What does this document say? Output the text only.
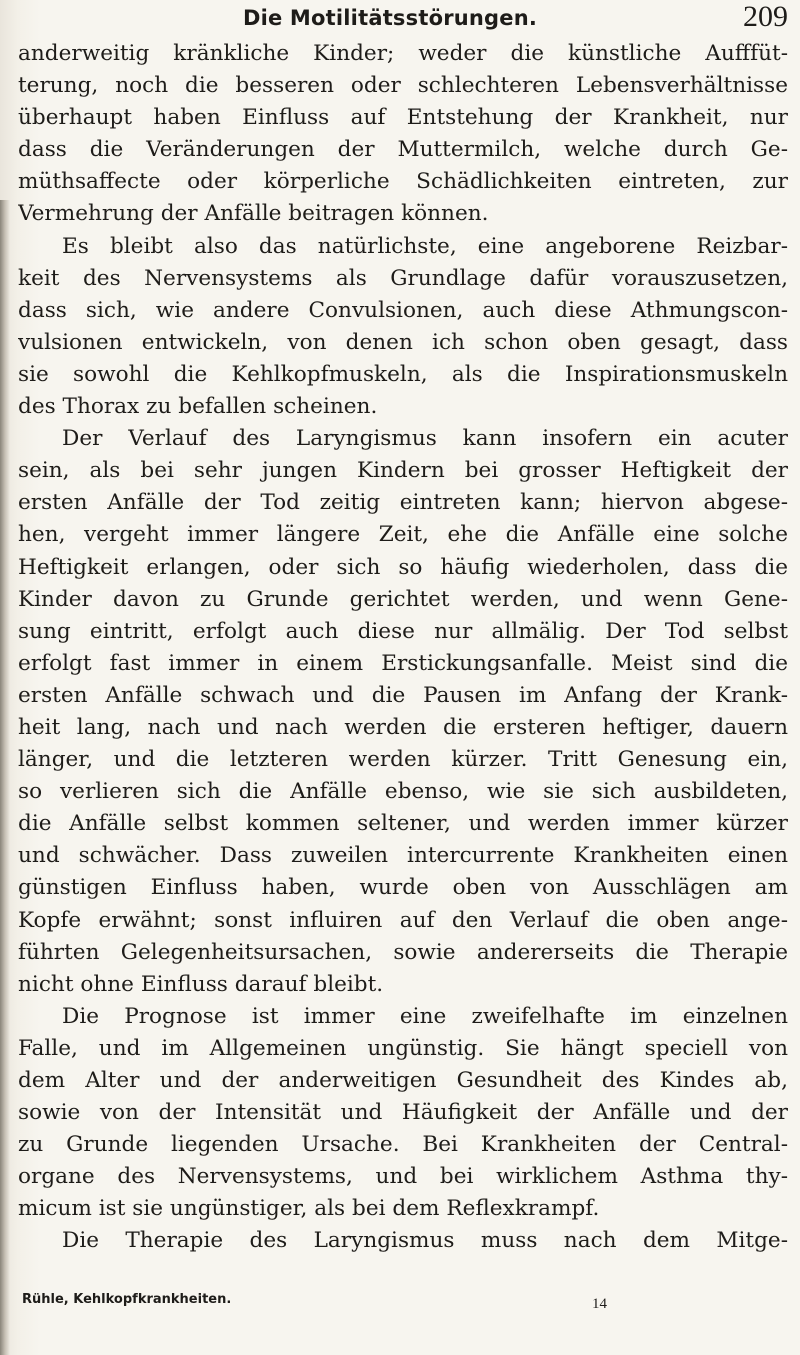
Die Motilitätsstörungen.	209
anderweitig kränkliche Kinder; weder die künstliche Aufffüt-
terung, noch die besseren oder schlechteren Lebensverhältnisse
überhaupt haben Einfluss auf Entstehung der Krankheit, nur
dass die Veränderungen der Muttermilch, welche durch Ge-
müthsaffecte oder körperliche Schädlichkeiten eintreten, zur
Vermehrung der Anfälle beitragen können.
Es bleibt also das natürlichste, eine angeborene Reizbar-
keit des Nervensystems als Grundlage dafür vorauszusetzen,
dass sich, wie andere Convulsionen, auch diese Athmungscon-
vulsionen entwickeln, von denen ich schon oben gesagt, dass
sie sowohl die Kehlkopfmuskeln, als die Inspirationsmuskeln
des Thorax zu befallen scheinen.
Der Verlauf des Laryngismus kann insofern ein acuter
sein, als bei sehr jungen Kindern bei grosser Heftigkeit der
ersten Anfälle der Tod zeitig eintreten kann; hiervon abgese-
hen, vergeht immer längere Zeit, ehe die Anfälle eine solche
Heftigkeit erlangen, oder sich so häufig wiederholen, dass die
Kinder davon zu Grunde gerichtet werden, und wenn Gene-
sung eintritt, erfolgt auch diese nur allmälig. Der Tod selbst
erfolgt fast immer in einem Erstickungsanfalle. Meist sind die
ersten Anfälle schwach und die Pausen im Anfang der Krank-
heit lang, nach und nach werden die ersteren heftiger, dauern
länger, und die letzteren werden kürzer. Tritt Genesung ein,
so verlieren sich die Anfälle ebenso, wie sie sich ausbildeten,
die Anfälle selbst kommen seltener, und werden immer kürzer
und schwächer. Dass zuweilen intercurrente Krankheiten einen
günstigen Einfluss haben, wurde oben von Ausschlägen am
Kopfe erwähnt; sonst influiren auf den Verlauf die oben ange-
führten Gelegenheitsursachen, sowie andererseits die Therapie
nicht ohne Einfluss darauf bleibt.
Die Prognose ist immer eine zweifelhafte im einzelnen
Falle, und im Allgemeinen ungünstig. Sie hängt speciell von
dem Alter und der anderweitigen Gesundheit des Kindes ab,
sowie von der Intensität und Häufigkeit der Anfälle und der
zu Grunde liegenden Ursache. Bei Krankheiten der Central-
organe des Nervensystems, und bei wirklichem Asthma thy-
micum ist sie ungünstiger, als bei dem Reflexkrampf.
Die Therapie des Laryngismus muss nach dem Mitge-
Rühle, Kehlkopfkrankheiten.	14
